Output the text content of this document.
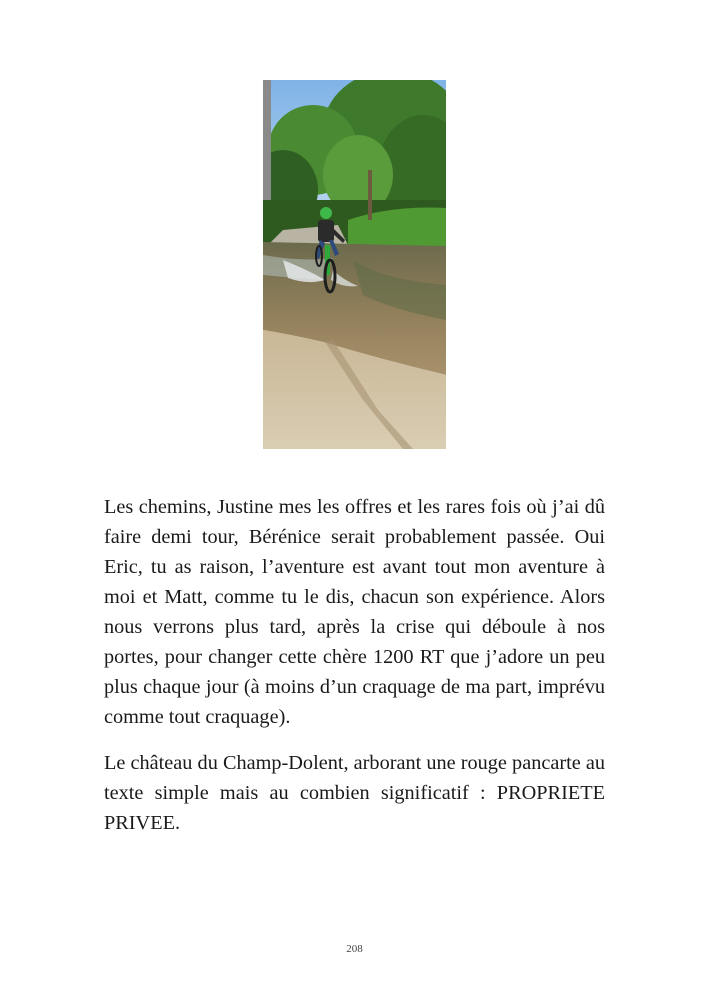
Les chemins, Justine mes les offres et les rares fois où j’ai dû faire demi tour, Bérénice serait probablement passée. Oui Eric, tu as raison, l’aventure est avant tout mon aventure à moi et Matt, comme tu le dis, chacun son expérience. Alors nous verrons plus tard, après la crise qui déboule à nos portes, pour changer cette chère 1200 RT que j’adore un peu plus chaque jour (à moins d’un craquage de ma part, imprévu comme tout craquage).

Le château du Champ-Dolent, arborant une rouge pancarte au texte simple mais au combien significatif : PROPRIETE PRIVEE.

208
